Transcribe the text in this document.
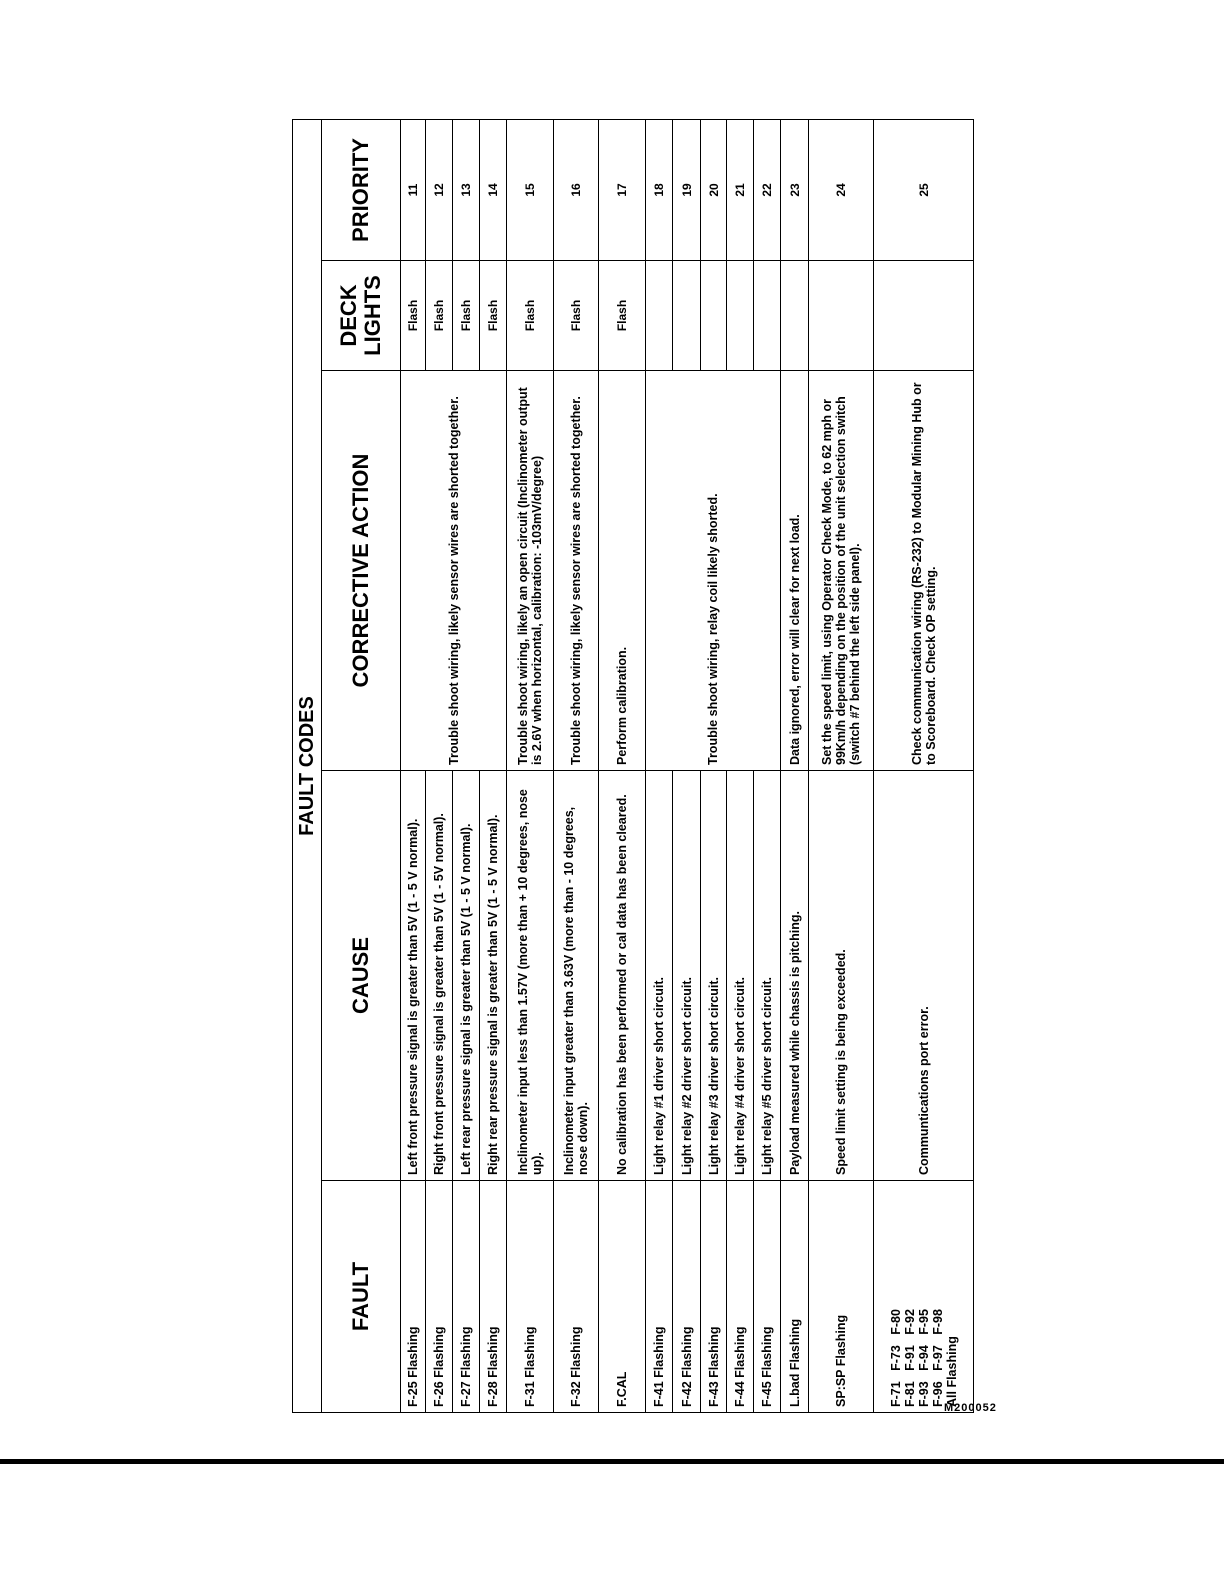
FAULT CODES				
FAULT	CAUSE	CORRECTIVE ACTION	DECK LIGHTS	PRIORITY
F-25 Flashing	Left front pressure signal is greater than 5V (1 - 5 V normal).	Trouble shoot wiring, likely sensor wires are shorted together.	Flash	11
F-26 Flashing	Right front pressure signal is greater than 5V (1 - 5V normal).		Flash	12
F-27 Flashing	Left rear pressure signal is greater than 5V (1 - 5 V normal).		Flash	13
F-28 Flashing	Right rear pressure signal is greater than 5V (1 - 5 V normal).		Flash	14
F-31 Flashing	Inclinometer input less than 1.57V (more than + 10 degrees, nose up).	Trouble shoot wiring, likely an open circuit (Inclinometer output is 2.6V when horizontal, calibration: -103mV/degree)	Flash	15
F-32 Flashing	Inclinometer input greater than 3.63V (more than - 10 degrees, nose down).	Trouble shoot wiring, likely sensor wires are shorted together.	Flash	16
F.CAL	No calibration has been performed or cal data has been cleared.	Perform calibration.	Flash	17
F-41 Flashing	Light relay #1 driver short circuit.	Trouble shoot wiring, relay coil likely shorted.		18
F-42 Flashing	Light relay #2 driver short circuit.			19
F-43 Flashing	Light relay #3 driver short circuit.			20
F-44 Flashing	Light relay #4 driver short circuit.			21
F-45 Flashing	Light relay #5 driver short circuit.			22
L.bad Flashing	Payload measured while chassis is pitching.	Data ignored, error will clear for next load.		23
SP:SP Flashing	Speed limit setting is being exceeded.	Set the speed limit, using Operator Check Mode, to 62 mph or 99Km/h depending on the position of the unit selection switch (switch #7 behind the left side panel).		24

F-71   F-73   F-80 F-81   F-91   F-92 F-93   F-94   F-95 F-96   F-97   F-98 All Flashing	Communtications port error.	Check communication wiring (RS-232) to Modular Mining Hub or to Scoreboard. Check OP setting.		25
M200052
